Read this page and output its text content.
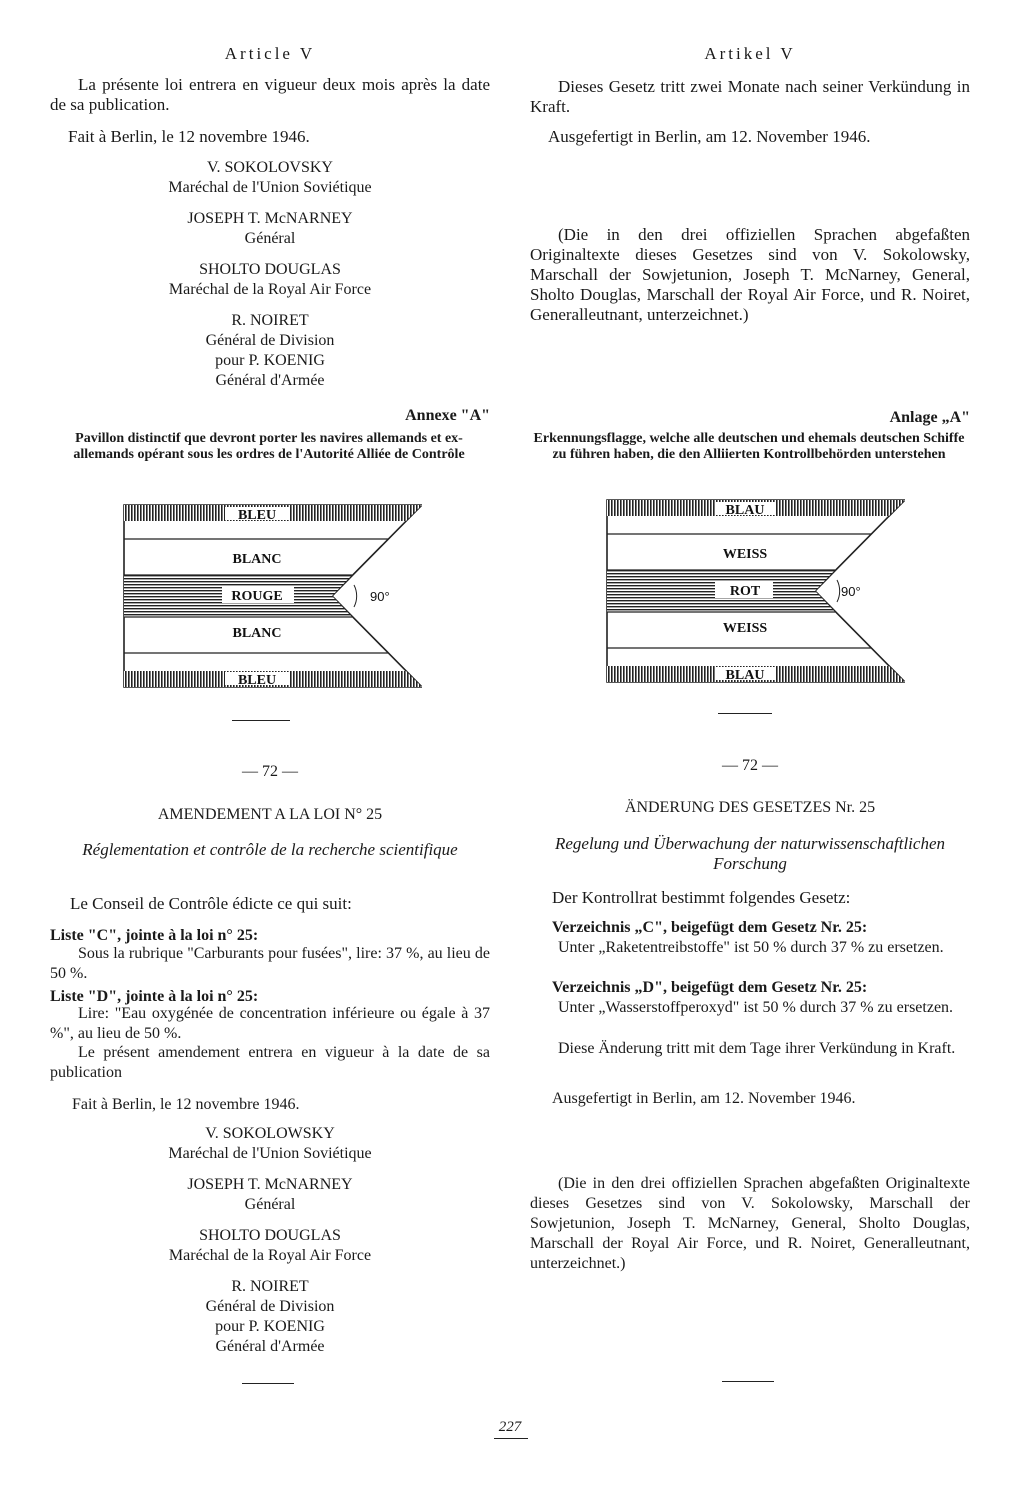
Article V
La présente loi entrera en vigueur deux mois après la date de sa publication.
Fait à Berlin, le 12 novembre 1946.
V. SOKOLOVSKY
Maréchal de l'Union Soviétique
JOSEPH T. McNARNEY
Général
SHOLTO DOUGLAS
Maréchal de la Royal Air Force
R. NOIRET
Général de Division
pour P. KOENIG
Général d'Armée
Annexe "A"
Pavillon distinctif que devront porter les navires allemands et ex-allemands opérant sous les ordres de l'Autorité Alliée de Contrôle
BLEU
BLANC
ROUGE
BLANC
BLEU
90°
— 72 —
AMENDEMENT A LA LOI N° 25
Réglementation et contrôle de la recherche scientifique
Le Conseil de Contrôle édicte ce qui suit:
Liste "C", jointe à la loi n° 25:
Sous la rubrique "Carburants pour fusées", lire: 37 %, au lieu de 50 %.
Liste "D", jointe à la loi n° 25:
Lire: "Eau oxygénée de concentration inférieure ou égale à 37 %", au lieu de 50 %.
Le présent amendement entrera en vigueur à la date de sa publication
Fait à Berlin, le 12 novembre 1946.
V. SOKOLOWSKY
Maréchal de l'Union Soviétique
JOSEPH T. McNARNEY
Général
SHOLTO DOUGLAS
Maréchal de la Royal Air Force
R. NOIRET
Général de Division
pour P. KOENIG
Général d'Armée
Artikel V
Dieses Gesetz tritt zwei Monate nach seiner Verkündung in Kraft.
Ausgefertigt in Berlin, am 12. November 1946.
(Die in den drei offiziellen Sprachen abgefaßten Originaltexte dieses Gesetzes sind von V. Sokolowsky, Marschall der Sowjetunion, Joseph T. McNarney, General, Sholto Douglas, Marschall der Royal Air Force, und R. Noiret, Generalleutnant, unterzeichnet.)
Anlage „A"
Erkennungsflagge, welche alle deutschen und ehemals deutschen Schiffe zu führen haben, die den Alliierten Kontrollbehörden unterstehen
BLAU
WEISS
ROT
WEISS
BLAU
90°
— 72 —
ÄNDERUNG DES GESETZES Nr. 25
Regelung und Überwachung der naturwissenschaftlichen Forschung
Der Kontrollrat bestimmt folgendes Gesetz:
Verzeichnis „C", beigefügt dem Gesetz Nr. 25:
Unter „Raketentreibstoffe" ist 50 % durch 37 % zu ersetzen.
Verzeichnis „D", beigefügt dem Gesetz Nr. 25:
Unter „Wasserstoffperoxyd" ist 50 % durch 37 % zu ersetzen.
Diese Änderung tritt mit dem Tage ihrer Verkündung in Kraft.
Ausgefertigt in Berlin, am 12. November 1946.
(Die in den drei offiziellen Sprachen abgefaßten Originaltexte dieses Gesetzes sind von V. Sokolowsky, Marschall der Sowjetunion, Joseph T. McNarney, General, Sholto Douglas, Marschall der Royal Air Force, und R. Noiret, Generalleutnant, unterzeichnet.)
227
